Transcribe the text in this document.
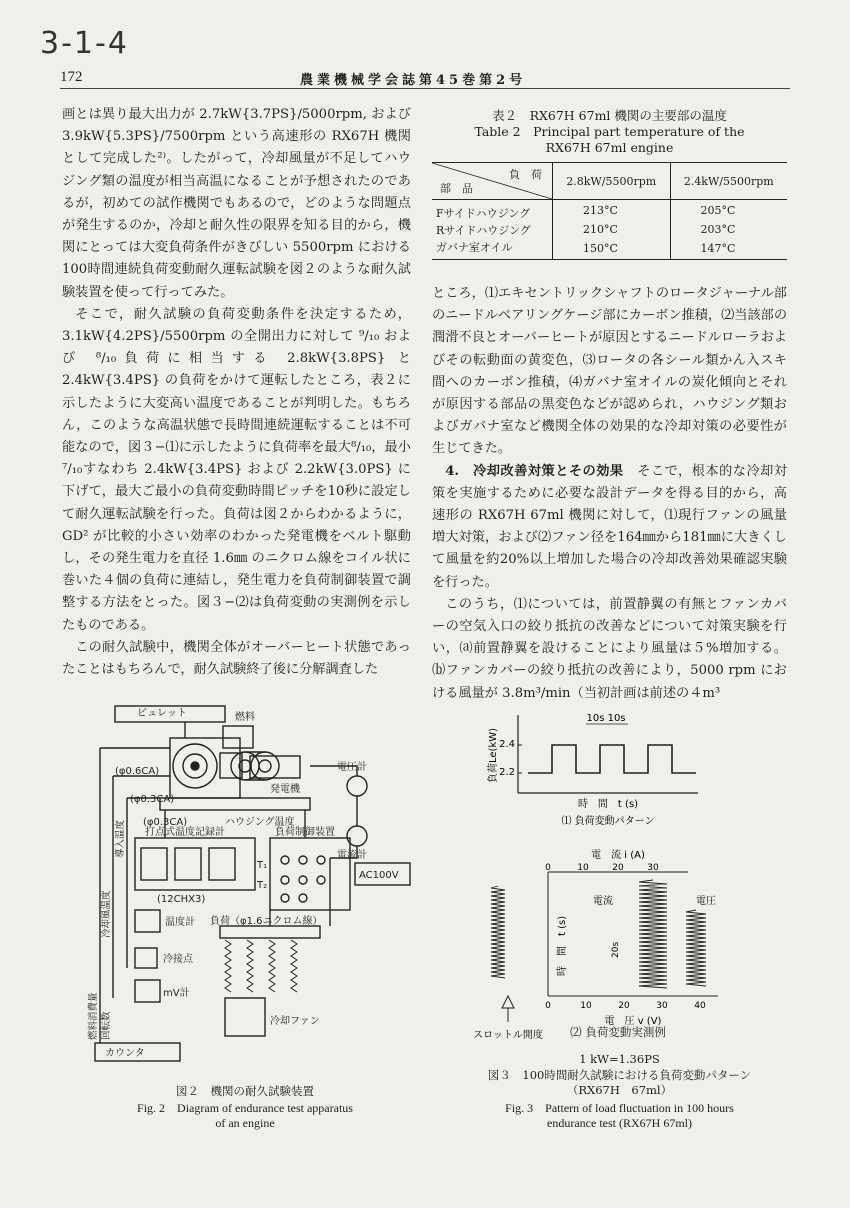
3-1-4
172	農業機械学会誌第45巻第2号

画とは異り最大出力が 2.7kW{3.7PS}/5000rpm, および 3.9kW{5.3PS}/7500rpm という高速形の RX67H 機関として完成した²⁾。したがって，冷却風量が不足してハウジング類の温度が相当高温になることが予想されたのであるが，初めての試作機関でもあるので，どのような問題点が発生するのか，冷却と耐久性の限界を知る目的から，機関にとっては大変負荷条件がきびしい 5500rpm における 100時間連続負荷変動耐久運転試験を図２のような耐久試験装置を使って行ってみた。

そこで，耐久試験の負荷変動条件を決定するため，3.1kW{4.2PS}/5500rpm の全開出力に対して ⁹/₁₀ および ⁸/₁₀負荷に相当する 2.8kW{3.8PS} と 2.4kW{3.4PS} の負荷をかけて運転したところ，表２に示したように大変高い温度であることが判明した。もちろん，このような高温状態で長時間連続運転することは不可能なので，図３−⑴に示したように負荷率を最大⁸/₁₀，最小⁷/₁₀すなわち 2.4kW{3.4PS} および 2.2kW{3.0PS} に下げて，最大ご最小の負荷変動時間ピッチを10秒に設定して耐久運転試験を行った。負荷は図２からわかるように，GD² が比較的小さい効率のわかった発電機をベルト駆動し，その発生電力を直径 1.6㎜ のニクロム線をコイル状に巻いた４個の負荷に連結し，発生電力を負荷制御装置で調整する方法をとった。図３−⑵は負荷変動の実測例を示したものである。

この耐久試験中，機関全体がオーバーヒート状態であったことはもちろんで，耐久試験終了後に分解調査した

表２　RX67H 67ml 機関の主要部の温度
Table 2　Principal part temperature of the
RX67H 67ml engine
負　荷
部　品	2.8kW/5500rpm	2.4kW/5500rpm
Fサイドハウジング	213°C	205°C
Rサイドハウジング	210°C	203°C
ガバナ室オイル	150°C	147°C

ところ，⑴エキセントリックシャフトのロータジャーナル部のニードルベアリングケージ部にカーボン推積，⑵当該部の潤滑不良とオーバーヒートが原因とするニードルローラおよびその転動面の黄変色，⑶ロータの各シール類かん入スキ間へのカーボン推積，⑷ガバナ室オイルの炭化傾向とそれが原因する部品の黒変色などが認められ，ハウジング類およびガバナ室など機関全体の効果的な冷却対策の必要性が生じてきた。

4.　冷却改善対策とその効果　 そこで，根本的な冷却対策を実施するために必要な設計データを得る目的から，高速形の RX67H 67ml 機関に対して，⑴現行ファンの風量増大対策，および⑵ファン径を164㎜から181㎜に大きくして風量を約20%以上増加した場合の冷却改善効果確認実験を行った。

このうち，⑴については，前置静翼の有無とファンカバーの空気入口の絞り抵抗の改善などについて対策実験を行い，⒜前置静翼を設けることにより風量は５%増加する。⒝ファンカバーの絞り抵抗の改善により，5000 rpm における風量が 3.8m³/min（当初計画は前述の４m³

ビュレット	燃料
発電機
電圧計
電流計
(φ0.6CA)
(φ0.3CA)
(φ0.3CA)	ハウジング温度
打点式温度記録計
(12CHX3)
負荷制御装置
AC100V
T₁
T₂
温度計
冷接点
mV計
負荷（φ1.6ニクロム線）
冷却ファン
カウンタ
導入温度
冷却風温度
燃料消費量 回転数
図２　機関の耐久試験装置
Fig. 2　Diagram of endurance test apparatus
of an engine
10s 10s
2.4
2.2
負荷Le(kW)
時　間　t (s)
⑴ 負荷変動パターン
電　流 i (A)
0	10	20	30
0	10	20	30	40
電　圧 v (V)
電流	電圧
時　間　t (s)	20s
スロットル開度	⑵ 負荷変動実測例
1 kW=1.36PS
図３　100時間耐久試験における負荷変動パターン
（RX67H　67ml）
Fig. 3　Pattern of load fluctuation in 100 hours
endurance test (RX67H 67ml)
